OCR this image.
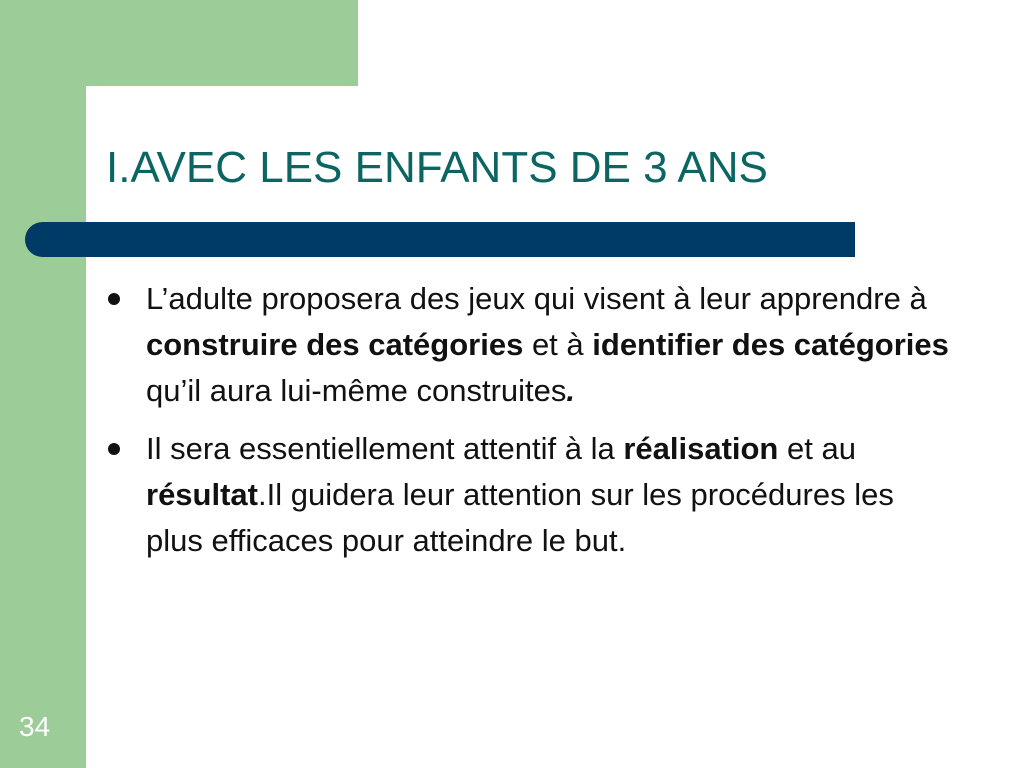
I.AVEC LES ENFANTS DE 3 ANS
L’adulte proposera des jeux qui visent à leur apprendre à construire des catégories et à identifier des catégories qu’il aura lui-même construites.
Il sera essentiellement attentif à la réalisation et au résultat.Il guidera leur attention sur les procédures les plus efficaces pour atteindre le but.
34
